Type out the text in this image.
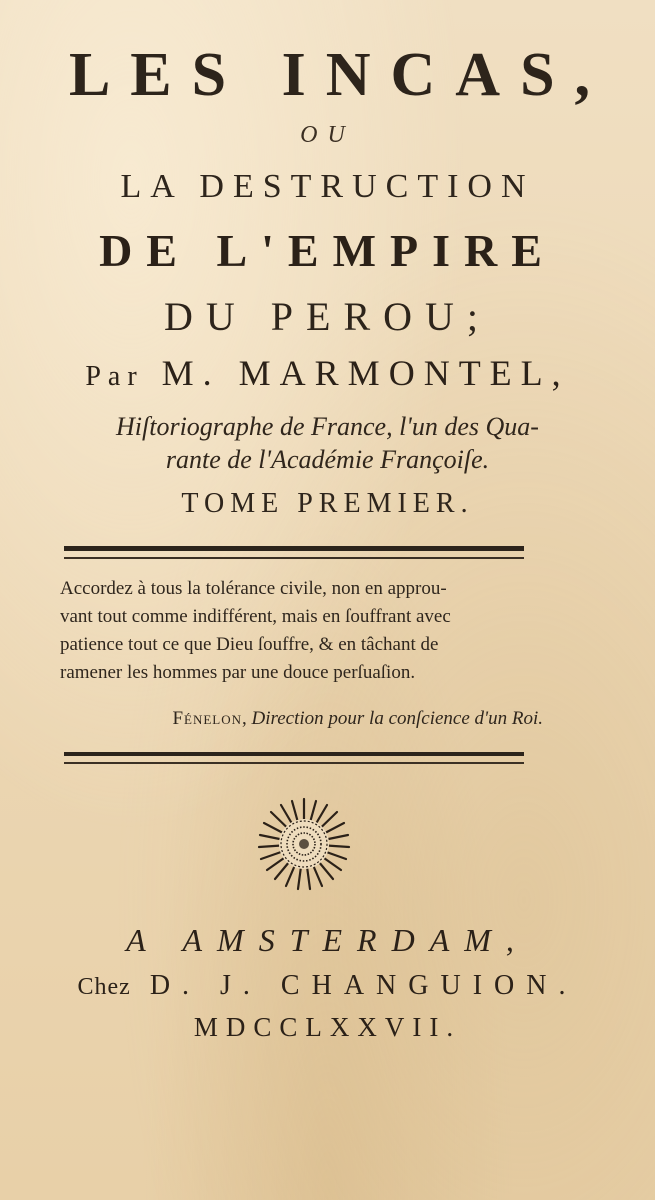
LES INCAS,
OU
LA DESTRUCTION
DE L'EMPIRE
DU PEROU;
Par M. MARMONTEL,
Hiſtoriographe de France, l'un des Qua-
rante de l'Académie Françoiſe.
TOME PREMIER.
Accordez à tous la tolérance civile, non en approu-
vant tout comme indifférent, mais en ſouffrant avec
patience tout ce que Dieu ſouffre, & en tâchant de
ramener les hommes par une douce perſuaſion.
Fénelon, Direction pour la conſcience d'un Roi.
A AMSTERDAM,
Chez D. J. CHANGUION.
MDCCLXXVII.
